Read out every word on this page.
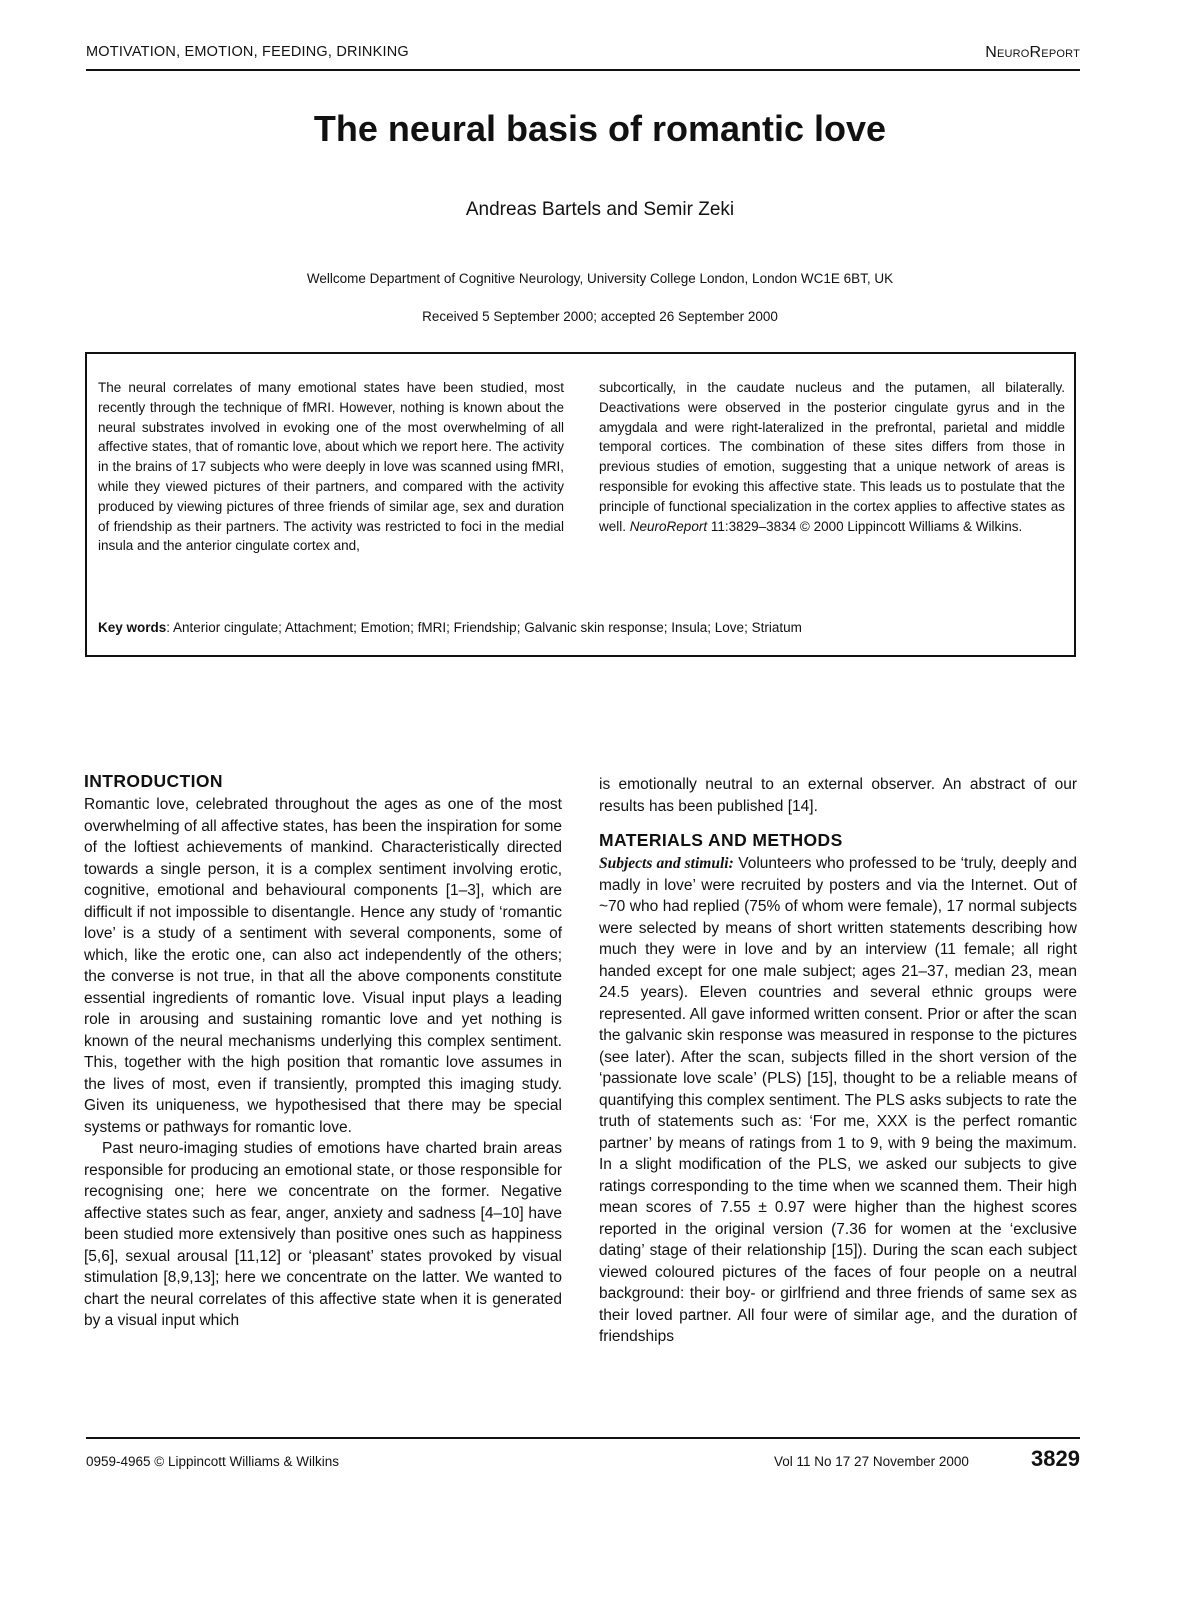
MOTIVATION, EMOTION, FEEDING, DRINKING	NeuroReport
The neural basis of romantic love
Andreas Bartels and Semir Zeki
Wellcome Department of Cognitive Neurology, University College London, London WC1E 6BT, UK
Received 5 September 2000; accepted 26 September 2000
The neural correlates of many emotional states have been studied, most recently through the technique of fMRI. However, nothing is known about the neural substrates involved in evoking one of the most overwhelming of all affective states, that of romantic love, about which we report here. The activity in the brains of 17 subjects who were deeply in love was scanned using fMRI, while they viewed pictures of their partners, and compared with the activity produced by viewing pictures of three friends of similar age, sex and duration of friendship as their partners. The activity was restricted to foci in the medial insula and the anterior cingulate cortex and,
subcortically, in the caudate nucleus and the putamen, all bilaterally. Deactivations were observed in the posterior cingulate gyrus and in the amygdala and were right-lateralized in the prefrontal, parietal and middle temporal cortices. The combination of these sites differs from those in previous studies of emotion, suggesting that a unique network of areas is responsible for evoking this affective state. This leads us to postulate that the principle of functional specialization in the cortex applies to affective states as well. NeuroReport 11:3829–3834 © 2000 Lippincott Williams & Wilkins.
Key words: Anterior cingulate; Attachment; Emotion; fMRI; Friendship; Galvanic skin response; Insula; Love; Striatum
INTRODUCTION

Romantic love, celebrated throughout the ages as one of the most overwhelming of all affective states, has been the inspiration for some of the loftiest achievements of mankind. Characteristically directed towards a single person, it is a complex sentiment involving erotic, cognitive, emotional and behavioural components [1–3], which are difficult if not impossible to disentangle. Hence any study of ‘romantic love’ is a study of a sentiment with several components, some of which, like the erotic one, can also act independently of the others; the converse is not true, in that all the above components constitute essential ingredients of romantic love. Visual input plays a leading role in arousing and sustaining romantic love and yet nothing is known of the neural mechanisms underlying this complex sentiment. This, together with the high position that romantic love assumes in the lives of most, even if transiently, prompted this imaging study. Given its uniqueness, we hypothesised that there may be special systems or pathways for romantic love.

Past neuro-imaging studies of emotions have charted brain areas responsible for producing an emotional state, or those responsible for recognising one; here we concentrate on the former. Negative affective states such as fear, anger, anxiety and sadness [4–10] have been studied more extensively than positive ones such as happiness [5,6], sexual arousal [11,12] or ‘pleasant’ states provoked by visual stimulation [8,9,13]; here we concentrate on the latter. We wanted to chart the neural correlates of this affective state when it is generated by a visual input which

is emotionally neutral to an external observer. An abstract of our results has been published [14].

MATERIALS AND METHODS

Subjects and stimuli: Volunteers who professed to be ‘truly, deeply and madly in love’ were recruited by posters and via the Internet. Out of ~70 who had replied (75% of whom were female), 17 normal subjects were selected by means of short written statements describing how much they were in love and by an interview (11 female; all right handed except for one male subject; ages 21–37, median 23, mean 24.5 years). Eleven countries and several ethnic groups were represented. All gave informed written consent. Prior or after the scan the galvanic skin response was measured in response to the pictures (see later). After the scan, subjects filled in the short version of the ‘passionate love scale’ (PLS) [15], thought to be a reliable means of quantifying this complex sentiment. The PLS asks subjects to rate the truth of statements such as: ‘For me, XXX is the perfect romantic partner’ by means of ratings from 1 to 9, with 9 being the maximum. In a slight modification of the PLS, we asked our subjects to give ratings corresponding to the time when we scanned them. Their high mean scores of 7.55 ± 0.97 were higher than the highest scores reported in the original version (7.36 for women at the ‘exclusive dating’ stage of their relationship [15]). During the scan each subject viewed coloured pictures of the faces of four people on a neutral background: their boy- or girlfriend and three friends of same sex as their loved partner. All four were of similar age, and the duration of friendships

0959-4965 © Lippincott Williams & Wilkins	Vol 11 No 17 27 November 2000	3829
